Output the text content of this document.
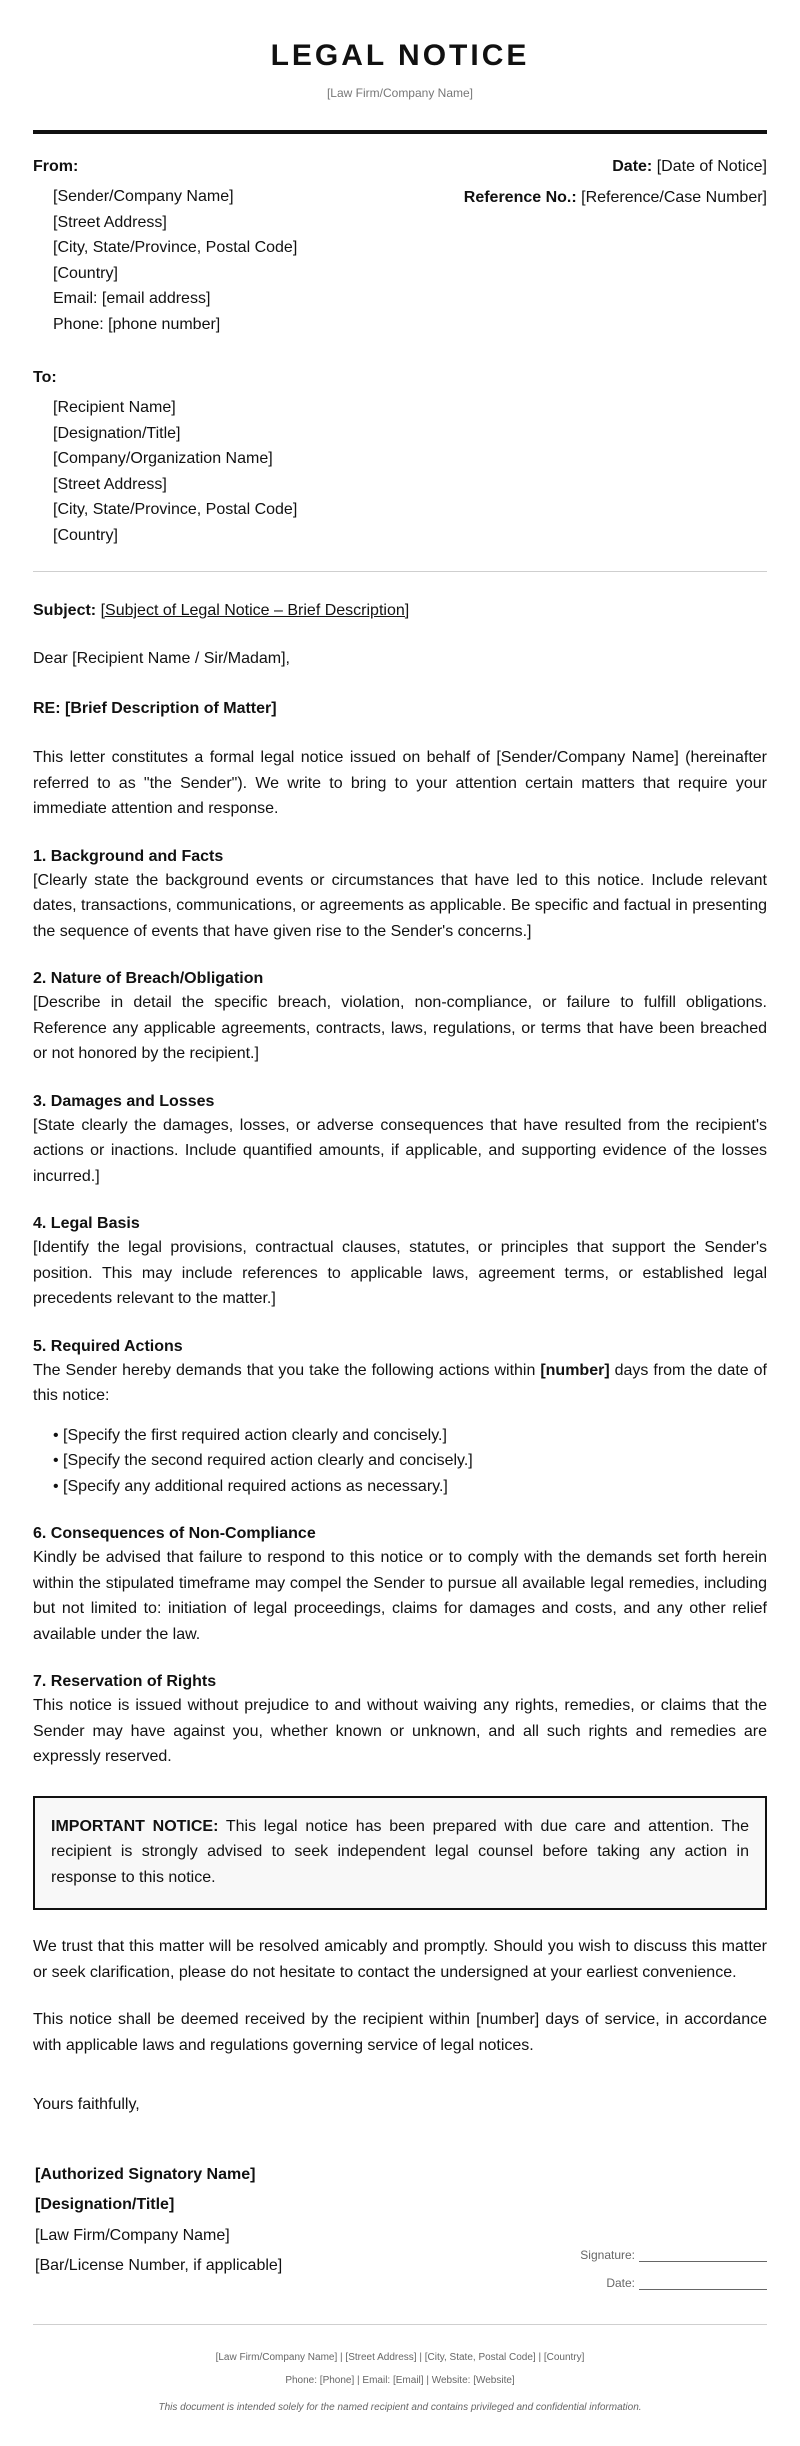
LEGAL NOTICE
[Law Firm/Company Name]
From:
[Sender/Company Name]
[Street Address]
[City, State/Province, Postal Code]
[Country]
Email: [email address]
Phone: [phone number]
Date: [Date of Notice]
Reference No.: [Reference/Case Number]
To:
[Recipient Name]
[Designation/Title]
[Company/Organization Name]
[Street Address]
[City, State/Province, Postal Code]
[Country]
Subject: [Subject of Legal Notice – Brief Description]

Dear [Recipient Name / Sir/Madam],

RE: [Brief Description of Matter]

This letter constitutes a formal legal notice issued on behalf of [Sender/Company Name] (hereinafter referred to as "the Sender"). We write to bring to your attention certain matters that require your immediate attention and response.

1. Background and Facts

[Clearly state the background events or circumstances that have led to this notice. Include relevant dates, transactions, communications, or agreements as applicable. Be specific and factual in presenting the sequence of events that have given rise to the Sender's concerns.]

2. Nature of Breach/Obligation

[Describe in detail the specific breach, violation, non-compliance, or failure to fulfill obligations. Reference any applicable agreements, contracts, laws, regulations, or terms that have been breached or not honored by the recipient.]

3. Damages and Losses

[State clearly the damages, losses, or adverse consequences that have resulted from the recipient's actions or inactions. Include quantified amounts, if applicable, and supporting evidence of the losses incurred.]

4. Legal Basis

[Identify the legal provisions, contractual clauses, statutes, or principles that support the Sender's position. This may include references to applicable laws, agreement terms, or established legal precedents relevant to the matter.]

5. Required Actions

The Sender hereby demands that you take the following actions within [number] days from the date of this notice:

• [Specify the first required action clearly and concisely.]
• [Specify the second required action clearly and concisely.]
• [Specify any additional required actions as necessary.]
6. Consequences of Non-Compliance

Kindly be advised that failure to respond to this notice or to comply with the demands set forth herein within the stipulated timeframe may compel the Sender to pursue all available legal remedies, including but not limited to: initiation of legal proceedings, claims for damages and costs, and any other relief available under the law.

7. Reservation of Rights

This notice is issued without prejudice to and without waiving any rights, remedies, or claims that the Sender may have against you, whether known or unknown, and all such rights and remedies are expressly reserved.

IMPORTANT NOTICE: This legal notice has been prepared with due care and attention. The recipient is strongly advised to seek independent legal counsel before taking any action in response to this notice.

We trust that this matter will be resolved amicably and promptly. Should you wish to discuss this matter or seek clarification, please do not hesitate to contact the undersigned at your earliest convenience.

This notice shall be deemed received by the recipient within [number] days of service, in accordance with applicable laws and regulations governing service of legal notices.

Yours faithfully,

[Authorized Signatory Name]
[Designation/Title]
[Law Firm/Company Name]
[Bar/License Number, if applicable]
Signature:
Date:
[Law Firm/Company Name] | [Street Address] | [City, State, Postal Code] | [Country]
Phone: [Phone] | Email: [Email] | Website: [Website]
This document is intended solely for the named recipient and contains privileged and confidential information.
